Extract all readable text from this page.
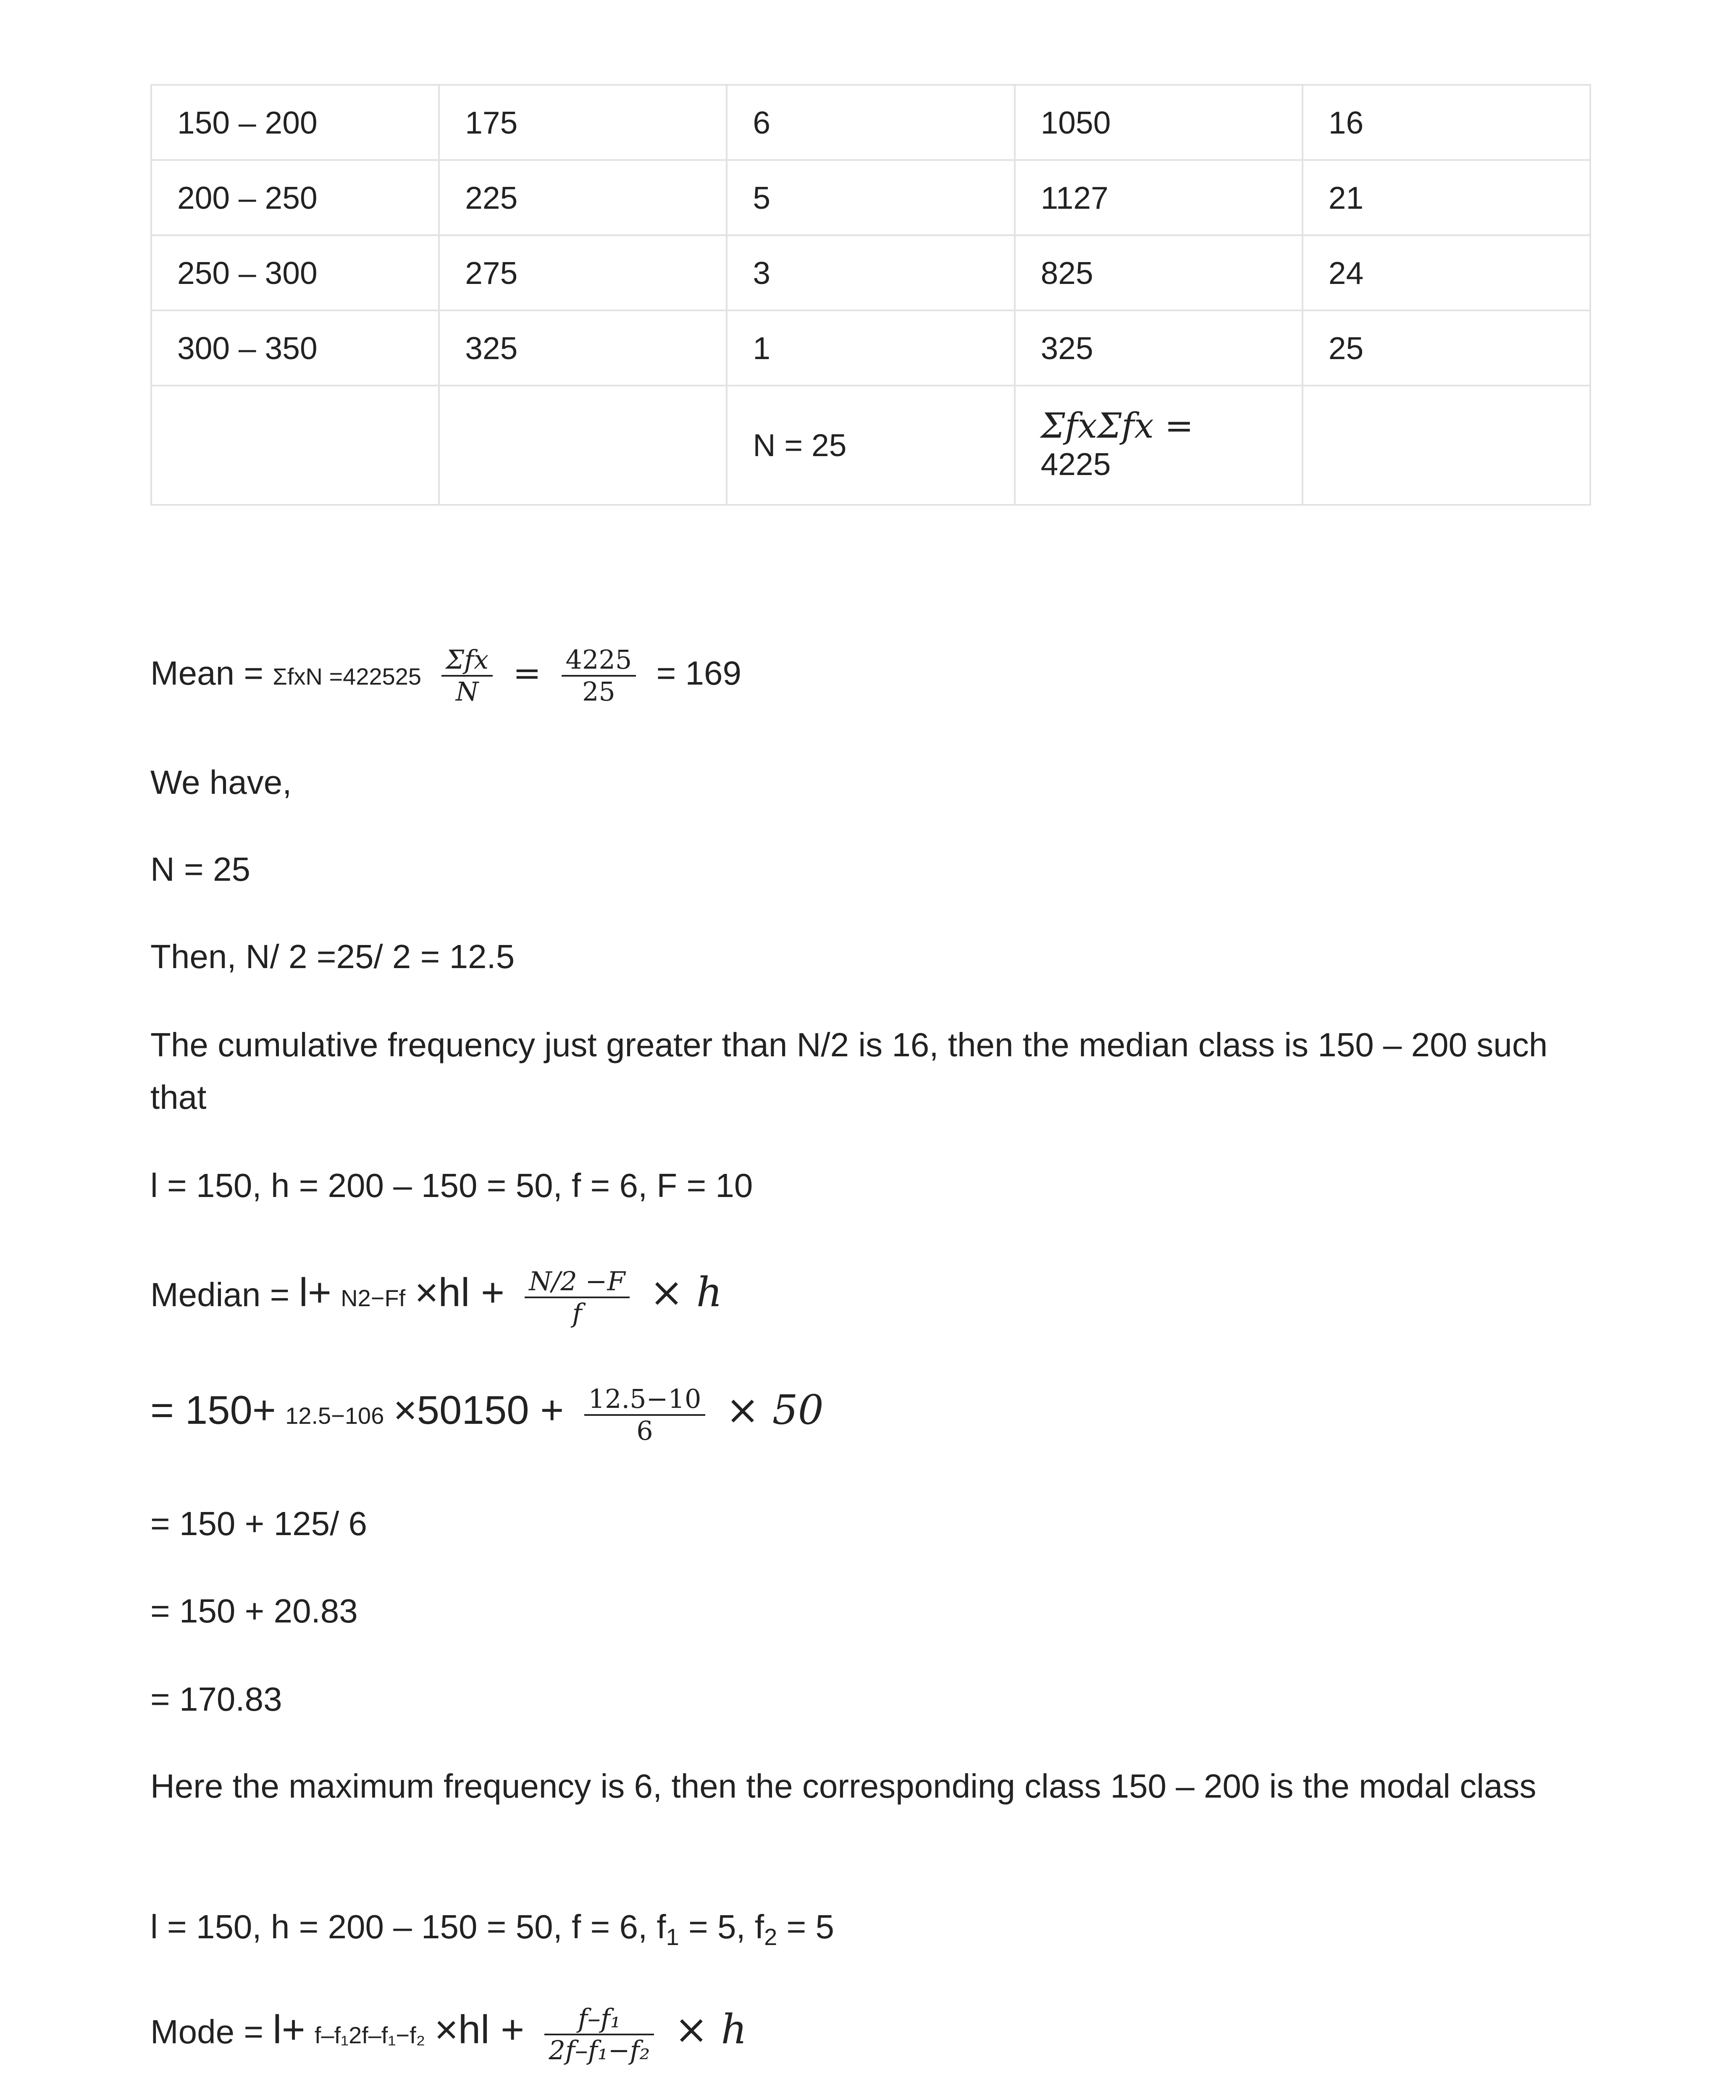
150 – 200	175	6	1050	16
200 – 250	225	5	1127	21
250 – 300	275	3	825	24
300 – 350	325	1	325	25
		N = 25	ΣfxΣfx =
4225	

Mean = $\Sigma fxN =422525 \frac{\text{Σfx}}{N} = \frac{4225}{25} = 169$
We have,
N = 25
Then, N/ 2 =25/ 2 = 12.5
The cumulative frequency just greater than N/2 is 16, then the median class is 150 – 200 such that
l = 150, h = 200 – 150 = 50, f = 6, F = 10
Median = $l+ N2-Ff \times hl + \frac{N/2 -F}{f} \times h$
= $150+ 12.5-106 \times 50150 + \frac{12.5-10}{6} \times 50$
= 150 + 125/ 6
= 150 + 20.83
= 170.83
Here the maximum frequency is 6, then the corresponding class 150 – 200 is the modal class
l = 150, h = 200 – 150 = 50, f = 6, $f_1 = 5$, $f_2 = 5$
Mode = $l+ f-f_12f-f_1-f_2 \times hl + \frac{\text{f–f₁}}{\text{2f–f₁−f₂}} \times h$
